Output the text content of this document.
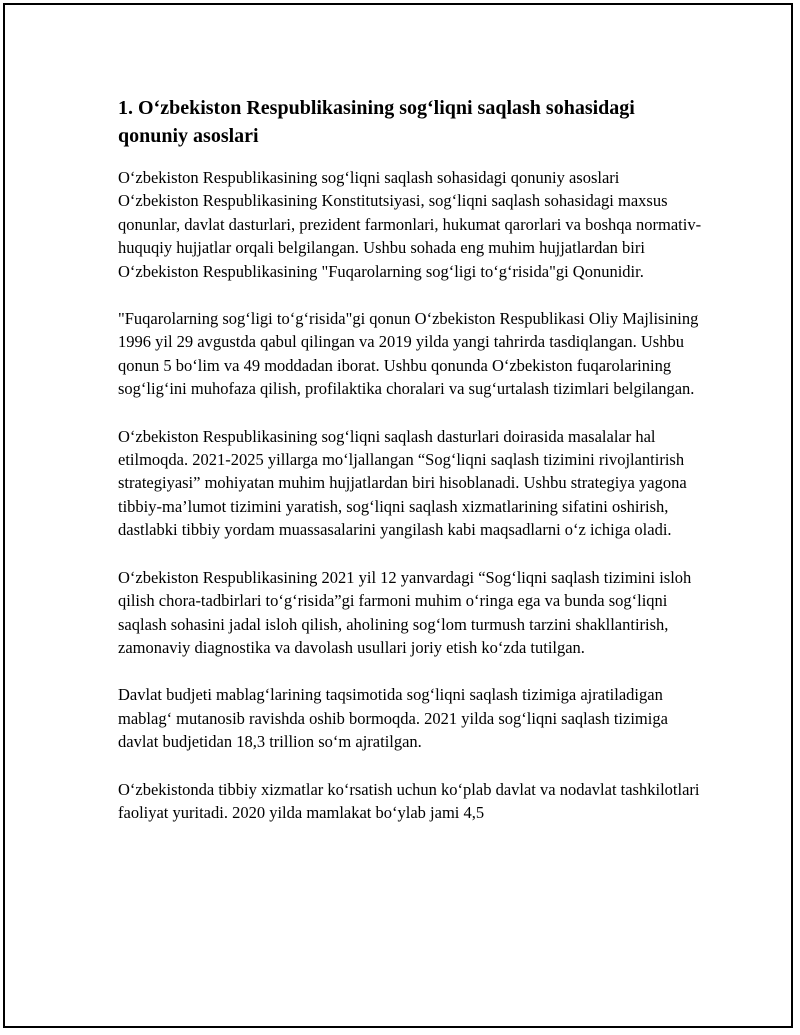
1. O‘zbekiston Respublikasining sog‘liqni saqlash sohasidagi qonuniy asoslari

O‘zbekiston Respublikasining sog‘liqni saqlash sohasidagi qonuniy asoslari O‘zbekiston Respublikasining Konstitutsiyasi, sog‘liqni saqlash sohasidagi maxsus qonunlar, davlat dasturlari, prezident farmonlari, hukumat qarorlari va boshqa normativ-huquqiy hujjatlar orqali belgilangan. Ushbu sohada eng muhim hujjatlardan biri O‘zbekiston Respublikasining "Fuqarolarning sog‘ligi to‘g‘risida"gi Qonunidir.

"Fuqarolarning sog‘ligi to‘g‘risida"gi qonun O‘zbekiston Respublikasi Oliy Majlisining 1996 yil 29 avgustda qabul qilingan va 2019 yilda yangi tahrirda tasdiqlangan. Ushbu qonun 5 bo‘lim va 49 moddadan iborat. Ushbu qonunda O‘zbekiston fuqarolarining sog‘lig‘ini muhofaza qilish, profilaktika choralari va sug‘urtalash tizimlari belgilangan.

O‘zbekiston Respublikasining sog‘liqni saqlash dasturlari doirasida masalalar hal etilmoqda. 2021-2025 yillarga mo‘ljallangan “Sog‘liqni saqlash tizimini rivojlantirish strategiyasi” mohiyatan muhim hujjatlardan biri hisoblanadi. Ushbu strategiya yagona tibbiy-ma’lumot tizimini yaratish, sog‘liqni saqlash xizmatlarining sifatini oshirish, dastlabki tibbiy yordam muassasalarini yangilash kabi maqsadlarni o‘z ichiga oladi.

O‘zbekiston Respublikasining 2021 yil 12 yanvardagi “Sog‘liqni saqlash tizimini isloh qilish chora-tadbirlari to‘g‘risida”gi farmoni muhim o‘ringa ega va bunda sog‘liqni saqlash sohasini jadal isloh qilish, aholining sog‘lom turmush tarzini shakllantirish, zamonaviy diagnostika va davolash usullari joriy etish ko‘zda tutilgan.

Davlat budjeti mablag‘larining taqsimotida sog‘liqni saqlash tizimiga ajratiladigan mablag‘ mutanosib ravishda oshib bormoqda. 2021 yilda sog‘liqni saqlash tizimiga davlat budjetidan 18,3 trillion so‘m ajratilgan.

O‘zbekistonda tibbiy xizmatlar ko‘rsatish uchun ko‘plab davlat va nodavlat tashkilotlari faoliyat yuritadi. 2020 yilda mamlakat bo‘ylab jami 4,5
